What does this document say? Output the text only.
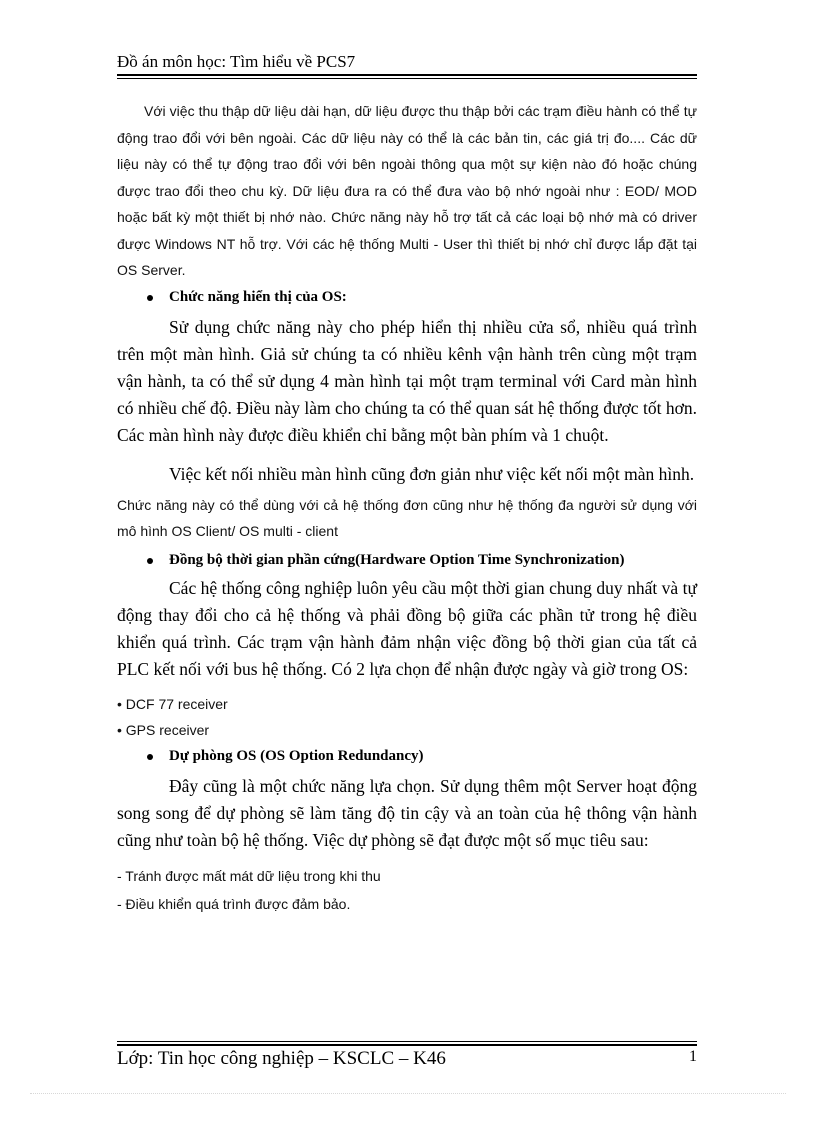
Đồ án môn học: Tìm hiểu về PCS7

Với việc thu thập dữ liệu dài hạn, dữ liệu được thu thập bởi các trạm điều hành có thể tự động trao đổi với bên ngoài. Các dữ liệu này có thể là các bản tin, các giá trị đo.... Các dữ liệu này có thể tự động trao đổi với bên ngoài thông qua một sự kiện nào đó hoặc chúng được trao đổi theo chu kỳ. Dữ liệu đưa ra có thể đưa vào bộ nhớ ngoài như : EOD/ MOD hoặc bất kỳ một thiết bị nhớ nào. Chức năng này hỗ trợ tất cả các loại bộ nhớ mà có driver được Windows NT hỗ trợ. Với các hệ thống Multi - User thì thiết bị nhớ chỉ được lắp đặt tại OS Server.

Chức năng hiển thị của OS:

Sử dụng chức năng này cho phép hiển thị nhiều cửa sổ, nhiều quá trình trên một màn hình. Giả sử chúng ta có nhiều kênh vận hành trên cùng một trạm vận hành, ta có thể sử dụng 4 màn hình tại một trạm terminal với Card màn hình có nhiều chế độ. Điều này làm cho chúng ta có thể quan sát hệ thống được tốt hơn. Các màn hình này được điều khiển chỉ bằng một bàn phím và 1 chuột.

Việc kết nối nhiều màn hình cũng đơn giản như việc kết nối một màn hình.

Chức năng này có thể dùng với cả hệ thống đơn cũng như hệ thống đa người sử dụng với mô hình OS Client/ OS multi - client

Đồng bộ thời gian phần cứng(Hardware Option Time Synchronization)

Các hệ thống công nghiệp luôn yêu cầu một thời gian chung duy nhất và tự động thay đổi cho cả hệ thống và phải đồng bộ giữa các phần tử trong hệ điều khiển quá trình. Các trạm vận hành đảm nhận việc đồng bộ thời gian của tất cả PLC kết nối với bus hệ thống. Có 2 lựa chọn để nhận được ngày và giờ trong OS:

• DCF 77 receiver

• GPS receiver

Dự phòng OS (OS Option Redundancy)

Đây cũng là một chức năng lựa chọn. Sử dụng thêm một Server hoạt động song song để dự phòng sẽ làm tăng độ tin cậy và an toàn của hệ thông vận hành cũng như toàn bộ hệ thống. Việc dự phòng sẽ đạt được một số mục tiêu sau:

- Tránh được mất mát dữ liệu trong khi thu

- Điều khiển quá trình được đảm bảo.

Lớp: Tin học công nghiệp – KSCLC – K46	1
